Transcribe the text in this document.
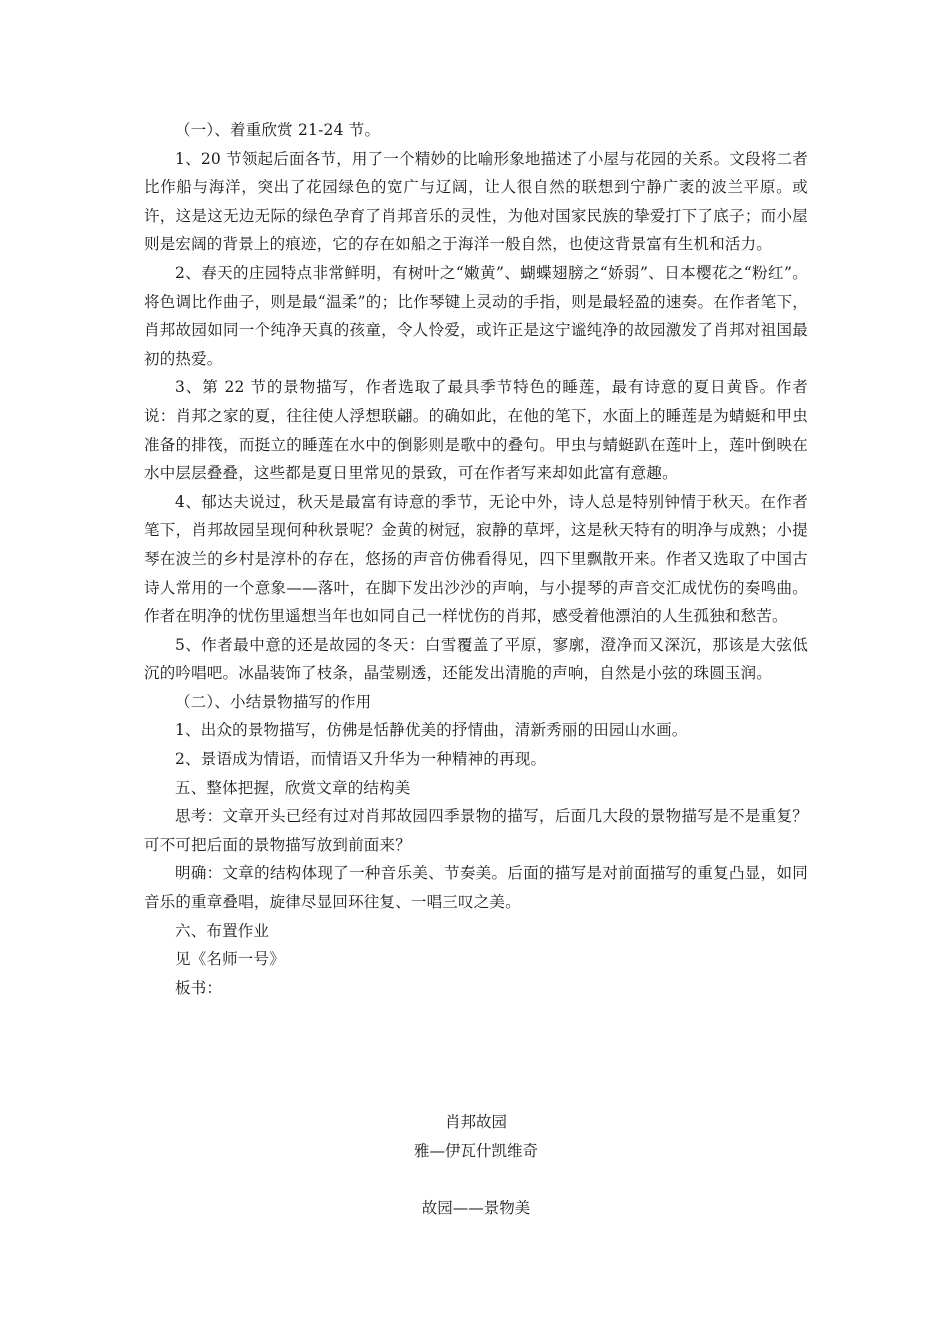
（一）、着重欣赏 21-24 节。

1、20 节领起后面各节，用了一个精妙的比喻形象地描述了小屋与花园的关系。文段将二者比作船与海洋，突出了花园绿色的宽广与辽阔，让人很自然的联想到宁静广袤的波兰平原。或许，这是这无边无际的绿色孕育了肖邦音乐的灵性，为他对国家民族的挚爱打下了底子；而小屋则是宏阔的背景上的痕迹，它的存在如船之于海洋一般自然，也使这背景富有生机和活力。

2、春天的庄园特点非常鲜明，有树叶之“嫩黄”、蝴蝶翅膀之“娇弱”、日本樱花之“粉红”。将色调比作曲子，则是最“温柔”的；比作琴键上灵动的手指，则是最轻盈的速奏。在作者笔下，肖邦故园如同一个纯净天真的孩童，令人怜爱，或许正是这宁谧纯净的故园激发了肖邦对祖国最初的热爱。

3、第 22 节的景物描写，作者选取了最具季节特色的睡莲，最有诗意的夏日黄昏。作者说：肖邦之家的夏，往往使人浮想联翩。的确如此，在他的笔下，水面上的睡莲是为蜻蜓和甲虫准备的排筏，而挺立的睡莲在水中的倒影则是歌中的叠句。甲虫与蜻蜓趴在莲叶上，莲叶倒映在水中层层叠叠，这些都是夏日里常见的景致，可在作者写来却如此富有意趣。

4、郁达夫说过，秋天是最富有诗意的季节，无论中外，诗人总是特别钟情于秋天。在作者笔下，肖邦故园呈现何种秋景呢？金黄的树冠，寂静的草坪，这是秋天特有的明净与成熟；小提琴在波兰的乡村是淳朴的存在，悠扬的声音仿佛看得见，四下里飘散开来。作者又选取了中国古诗人常用的一个意象——落叶，在脚下发出沙沙的声响，与小提琴的声音交汇成忧伤的奏鸣曲。作者在明净的忧伤里遥想当年也如同自己一样忧伤的肖邦，感受着他漂泊的人生孤独和愁苦。

5、作者最中意的还是故园的冬天：白雪覆盖了平原，寥廓，澄净而又深沉，那该是大弦低沉的吟唱吧。冰晶装饰了枝条，晶莹剔透，还能发出清脆的声响，自然是小弦的珠圆玉润。

（二）、小结景物描写的作用

1、出众的景物描写，仿佛是恬静优美的抒情曲，清新秀丽的田园山水画。

2、景语成为情语，而情语又升华为一种精神的再现。

五、整体把握，欣赏文章的结构美

思考：文章开头已经有过对肖邦故园四季景物的描写，后面几大段的景物描写是不是重复？可不可把后面的景物描写放到前面来？

明确：文章的结构体现了一种音乐美、节奏美。后面的描写是对前面描写的重复凸显，如同音乐的重章叠唱，旋律尽显回环往复、一唱三叹之美。

六、布置作业

见《名师一号》

板书：

肖邦故园

雅—伊瓦什凯维奇

故园——景物美
